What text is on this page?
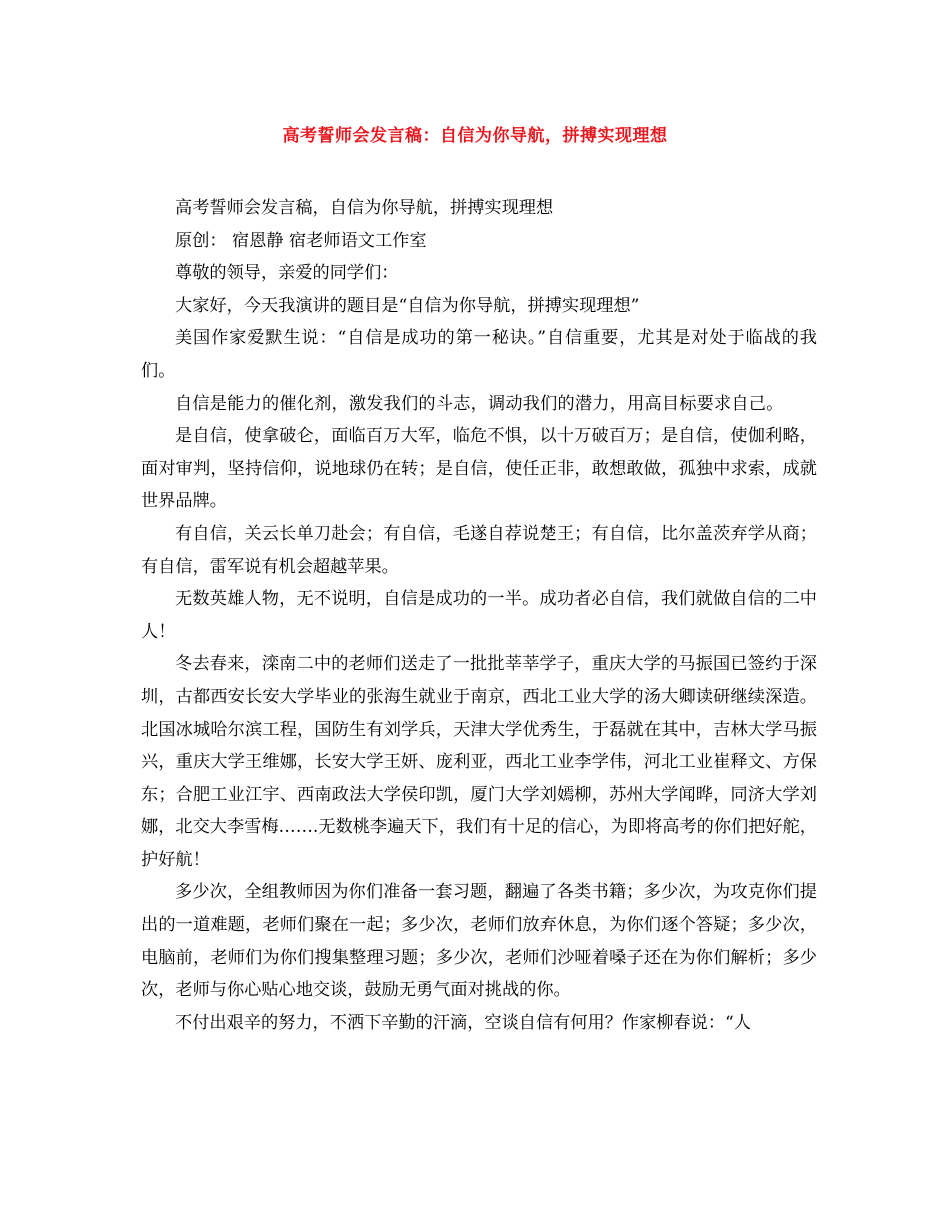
高考誓师会发言稿：自信为你导航，拼搏实现理想

高考誓师会发言稿，自信为你导航，拼搏实现理想

原创： 宿恩静 宿老师语文工作室

尊敬的领导，亲爱的同学们：

大家好，今天我演讲的题目是“自信为你导航，拼搏实现理想”

美国作家爱默生说：“自信是成功的第一秘诀。”自信重要，尤其是对处于临战的我们。

自信是能力的催化剂，激发我们的斗志，调动我们的潜力，用高目标要求自己。

是自信，使拿破仑，面临百万大军，临危不惧，以十万破百万；是自信，使伽利略，面对审判，坚持信仰，说地球仍在转；是自信，使任正非，敢想敢做，孤独中求索，成就世界品牌。

有自信，关云长单刀赴会；有自信，毛遂自荐说楚王；有自信，比尔盖茨弃学从商；有自信，雷军说有机会超越苹果。

无数英雄人物，无不说明，自信是成功的一半。成功者必自信，我们就做自信的二中人！

冬去春来，滦南二中的老师们送走了一批批莘莘学子，重庆大学的马振国已签约于深圳，古都西安长安大学毕业的张海生就业于南京，西北工业大学的汤大卿读研继续深造。北国冰城哈尔滨工程，国防生有刘学兵，天津大学优秀生，于磊就在其中，吉林大学马振兴，重庆大学王维娜，长安大学王妍、庞利亚，西北工业李学伟，河北工业崔释文、方保东；合肥工业江宇、西南政法大学侯印凯，厦门大学刘嫣柳，苏州大学闻晔，同济大学刘娜，北交大李雪梅…….无数桃李遍天下，我们有十足的信心，为即将高考的你们把好舵，护好航！

多少次，全组教师因为你们准备一套习题，翻遍了各类书籍；多少次，为攻克你们提出的一道难题，老师们聚在一起；多少次，老师们放弃休息，为你们逐个答疑；多少次，电脑前，老师们为你们搜集整理习题；多少次，老师们沙哑着嗓子还在为你们解析；多少次，老师与你心贴心地交谈，鼓励无勇气面对挑战的你。

不付出艰辛的努力，不洒下辛勤的汗滴，空谈自信有何用？作家柳春说：“人
